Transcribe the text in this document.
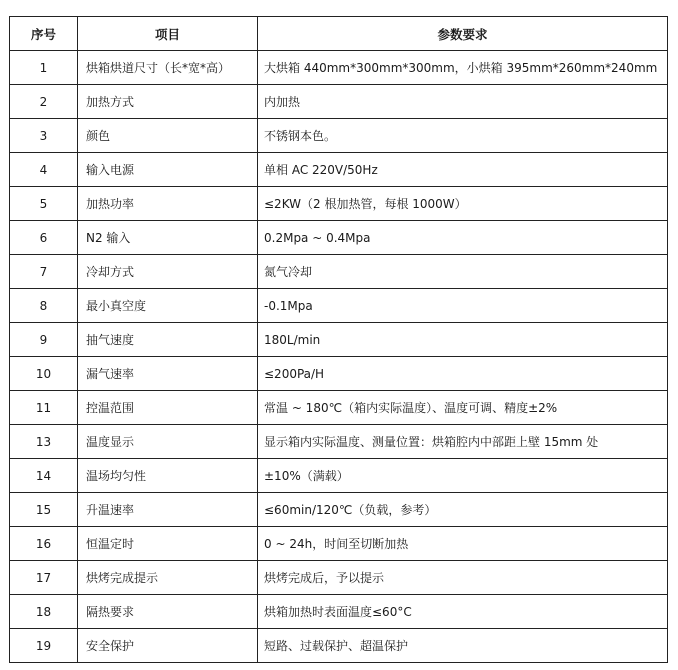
序号	项目	参数要求
1	烘箱烘道尺寸（长*宽*高）	大烘箱 440mm*300mm*300mm，小烘箱 395mm*260mm*240mm
2	加热方式	内加热
3	颜色	不锈钢本色。
4	输入电源	单相 AC 220V/50Hz
5	加热功率	≤2KW（2 根加热管，每根 1000W）
6	N2 输入	0.2Mpa ~ 0.4Mpa
7	冷却方式	氮气冷却
8	最小真空度	-0.1Mpa
9	抽气速度	180L/min
10	漏气速率	≤200Pa/H
11	控温范围	常温 ~ 180℃（箱内实际温度）、温度可调、精度±2%
13	温度显示	显示箱内实际温度、测量位置：烘箱腔内中部距上壁 15mm 处
14	温场均匀性	±10%（满载）
15	升温速率	≤60min/120℃（负载，参考）
16	恒温定时	0 ~ 24h，时间至切断加热
17	烘烤完成提示	烘烤完成后，予以提示
18	隔热要求	烘箱加热时表面温度≤60°C
19	安全保护	短路、过载保护、超温保护
